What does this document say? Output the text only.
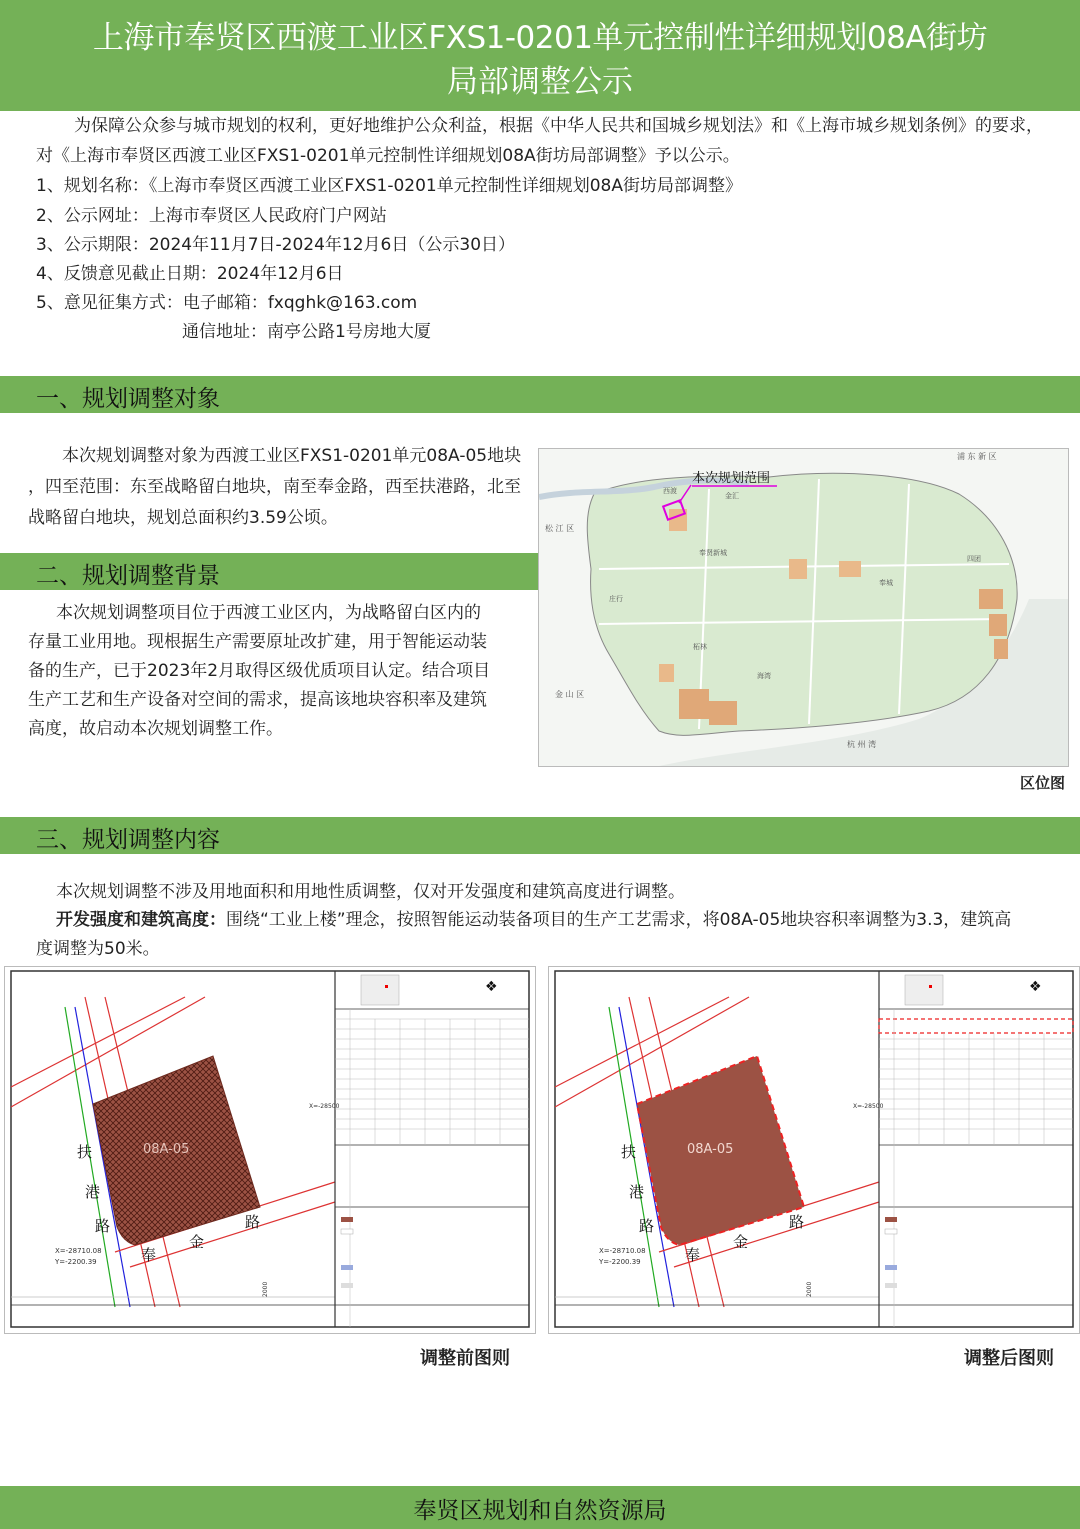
上海市奉贤区西渡工业区FXS1-0201单元控制性详细规划08A街坊
局部调整公示
为保障公众参与城市规划的权利，更好地维护公众利益，根据《中华人民共和国城乡规划法》和《上海市城乡规划条例》的要求，
对《上海市奉贤区西渡工业区FXS1-0201单元控制性详细规划08A街坊局部调整》予以公示。
1、规划名称：《上海市奉贤区西渡工业区FXS1-0201单元控制性详细规划08A街坊局部调整》
2、公示网址：上海市奉贤区人民政府门户网站
3、公示期限：2024年11月7日-2024年12月6日（公示30日）
4、反馈意见截止日期：2024年12月6日
5、意见征集方式：电子邮箱：fxqghk@163.com
通信地址：南亭公路1号房地大厦
一、规划调整对象
本次规划调整对象为西渡工业区FXS1-0201单元08A-05地块
，四至范围：东至战略留白地块，南至奉金路，西至扶港路，北至
战略留白地块，规划总面积约3.59公顷。
二、规划调整背景
本次规划调整项目位于西渡工业区内，为战略留白区内的
存量工业用地。现根据生产需要原址改扩建，用于智能运动装
备的生产，已于2023年2月取得区级优质项目认定。结合项目
生产工艺和生产设备对空间的需求，提高该地块容积率及建筑
高度，故启动本次规划调整工作。
本次规划范围
浦 东 新 区
松 江 区
金 山 区
杭 州 湾
西渡
金汇
奉贤新城
庄行
柘林
海湾
奉城
四团
区位图
三、规划调整内容
本次规划调整不涉及用地面积和用地性质调整，仅对开发强度和建筑高度进行调整。
开发强度和建筑高度：围绕“工业上楼”理念，按照智能运动装备项目的生产工艺需求，将08A-05地块容积率调整为3.3，建筑高
度调整为50米。
08A-05
扶
港
路
奉
金
路
X=-28710.08
Y=-2200.39
X=-28500
2000
❖
调整前图则
08A-05
扶
港
路
奉
金
路
X=-28710.08
Y=-2200.39
X=-28500
2000
❖
调整后图则
奉贤区规划和自然资源局
